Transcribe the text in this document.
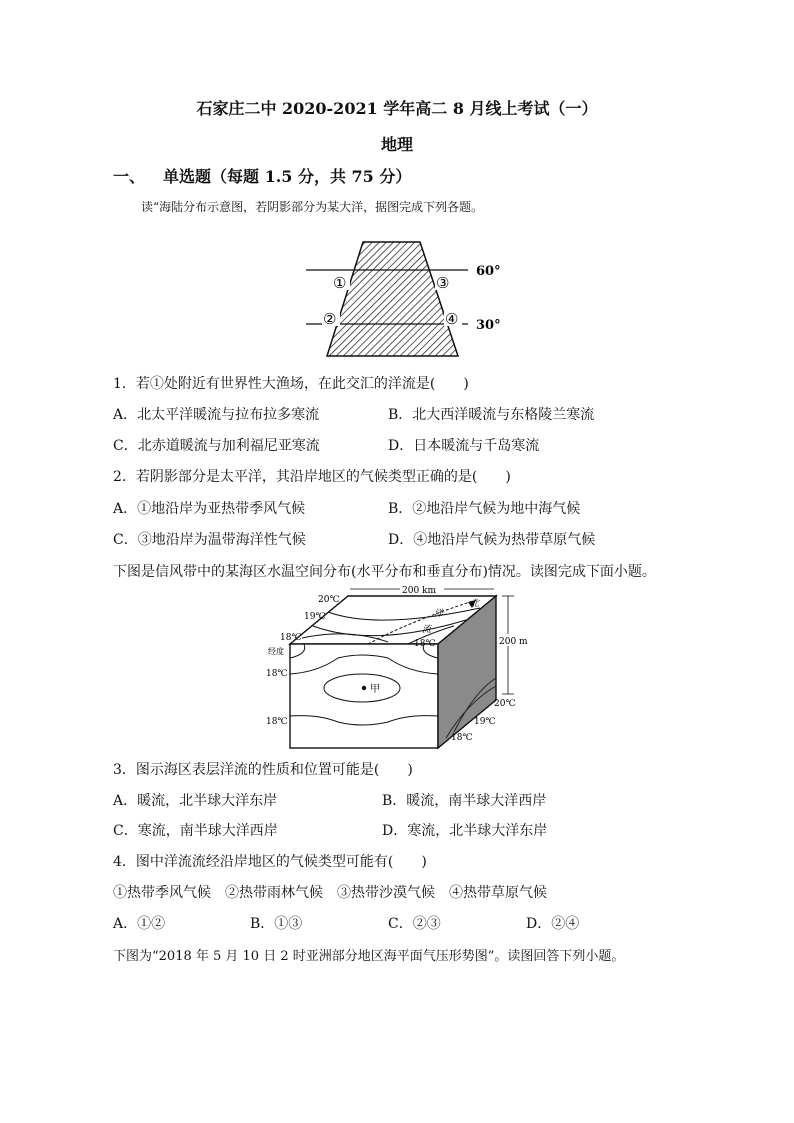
石家庄二中 2020-2021 学年高二 8 月线上考试（一）
地理
一、 单选题（每题 1.5 分，共 75 分）
读“海陆分布示意图，若阴影部分为某大洋，据图完成下列各题。
①	③
②	④
60°
30°
1．若①处附近有世界性大渔场，在此交汇的洋流是(　　)
A．北太平洋暖流与拉布拉多寒流	B．北大西洋暖流与东格陵兰寒流
C．北赤道暖流与加利福尼亚寒流	D．日本暖流与千岛寒流
2．若阴影部分是太平洋，其沿岸地区的气候类型正确的是(　　)
A．①地沿岸为亚热带季风气候	B．②地沿岸气候为地中海气候
C．③地沿岸为温带海洋性气候	D．④地沿岸气候为热带草原气候
下图是信风带中的某海区水温空间分布(水平分布和垂直分布)情况。读图完成下面小题。
200 km
200 m
20℃
19℃
18℃
经度
18℃
18℃
18℃
18℃
19℃
20℃
甲
洋
流
北
3．图示海区表层洋流的性质和位置可能是(　　)
A．暖流，北半球大洋东岸	B．暖流，南半球大洋西岸
C．寒流，南半球大洋西岸	D．寒流，北半球大洋东岸
4．图中洋流流经沿岸地区的气候类型可能有(　　)
①热带季风气候　②热带雨林气候　③热带沙漠气候　④热带草原气候
A．①②	B．①③	C．②③	D．②④
下图为“2018 年 5 月 10 日 2 时亚洲部分地区海平面气压形势图”。读图回答下列小题。
